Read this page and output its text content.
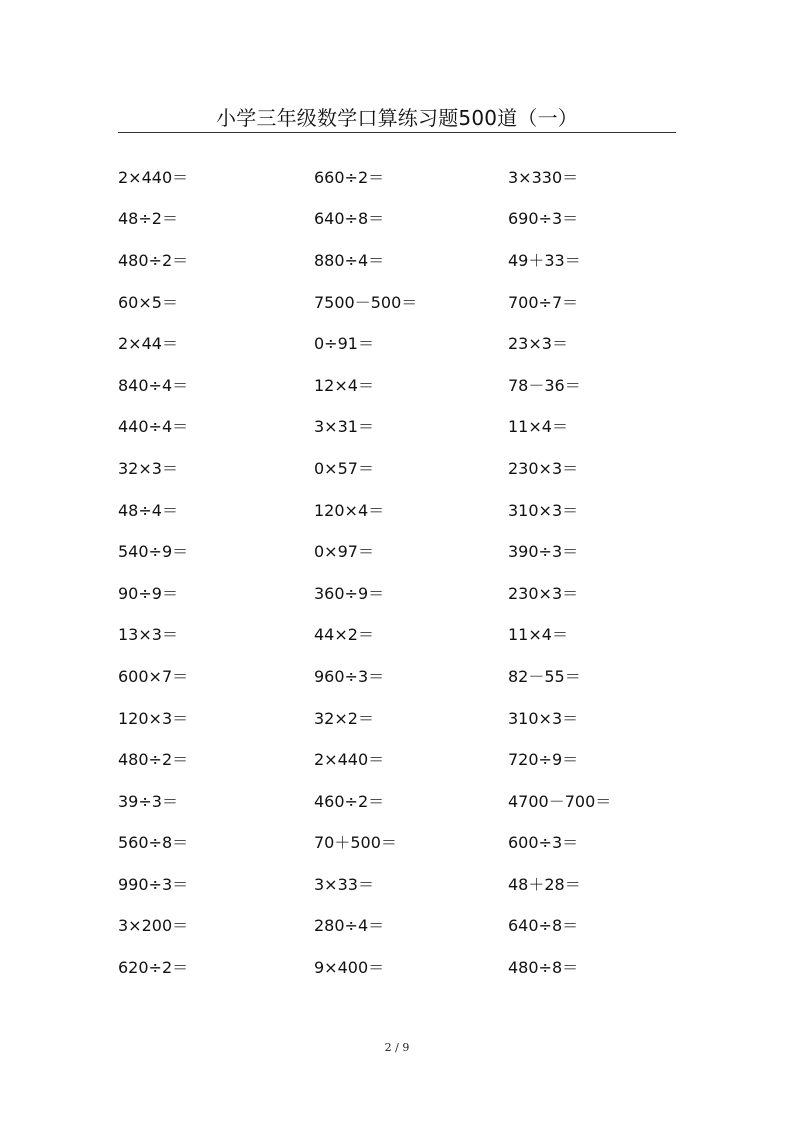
小学三年级数学口算练习题500道（一）
2×440＝	660÷2＝	3×330＝
48÷2＝	640÷8＝	690÷3＝
480÷2＝	880÷4＝	49＋33＝
60×5＝	7500－500＝	700÷7＝
2×44＝	0÷91＝	23×3＝
840÷4＝	12×4＝	78－36＝
440÷4＝	3×31＝	11×4＝
32×3＝	0×57＝	230×3＝
48÷4＝	120×4＝	310×3＝
540÷9＝	0×97＝	390÷3＝
90÷9＝	360÷9＝	230×3＝
13×3＝	44×2＝	11×4＝
600×7＝	960÷3＝	82－55＝
120×3＝	32×2＝	310×3＝
480÷2＝	2×440＝	720÷9＝
39÷3＝	460÷2＝	4700－700＝
560÷8＝	70＋500＝	600÷3＝
990÷3＝	3×33＝	48＋28＝
3×200＝	280÷4＝	640÷8＝
620÷2＝	9×400＝	480÷8＝
2 / 9
